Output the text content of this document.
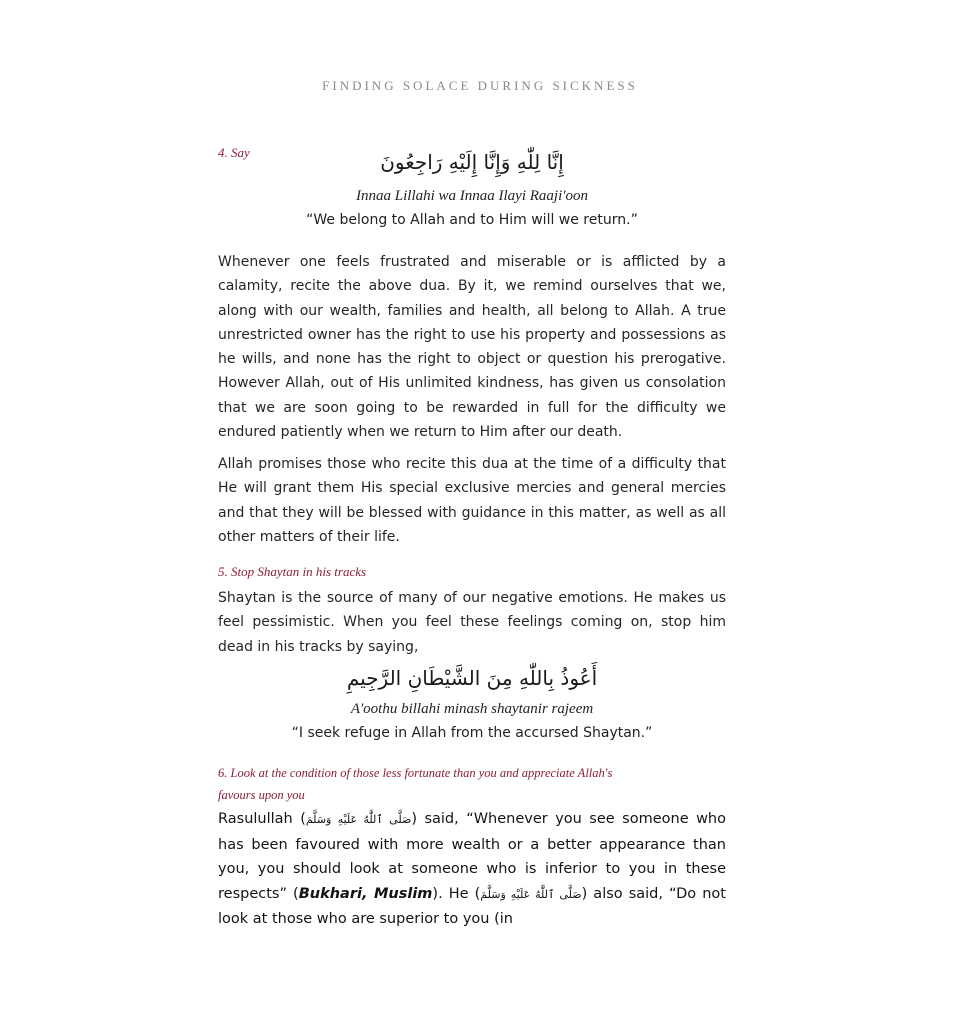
FINDING SOLACE DURING SICKNESS
4. Say	إِنَّا لِلّٰهِ وَإِنَّا إِلَيْهِ رَاجِعُونَ
Innaa Lillahi wa Innaa Ilayi Raaji'oon
“We belong to Allah and to Him will we return.”
Whenever one feels frustrated and miserable or is afflicted by a calamity, recite the above dua. By it, we remind ourselves that we, along with our wealth, families and health, all belong to Allah. A true unrestricted owner has the right to use his property and possessions as he wills, and none has the right to object or question his prerogative. However Allah, out of His unlimited kindness, has given us consolation that we are soon going to be rewarded in full for the difficulty we endured patiently when we return to Him after our death.
Allah promises those who recite this dua at the time of a difficulty that He will grant them His special exclusive mercies and general mercies and that they will be blessed with guidance in this matter, as well as all other matters of their life.
5. Stop Shaytan in his tracks
Shaytan is the source of many of our negative emotions. He makes us feel pessimistic. When you feel these feelings coming on, stop him dead in his tracks by saying,
أَعُوذُ بِاللّٰهِ مِنَ الشَّيْطَانِ الرَّجِيمِ
A'oothu billahi minash shaytanir rajeem
“I seek refuge in Allah from the accursed Shaytan.”
6. Look at the condition of those less fortunate than you and appreciate Allah's
favours upon you
Rasulullah (صَلَّى ٱللَّٰهُ عَلَيْهِ وَسَلَّمَ) said, “Whenever you see someone who has been favoured with more wealth or a better appearance than you, you should look at someone who is inferior to you in these respects” (Bukhari, Muslim). He (صَلَّى ٱللَّٰهُ عَلَيْهِ وَسَلَّمَ) also said, “Do not look at those who are superior to you (in
